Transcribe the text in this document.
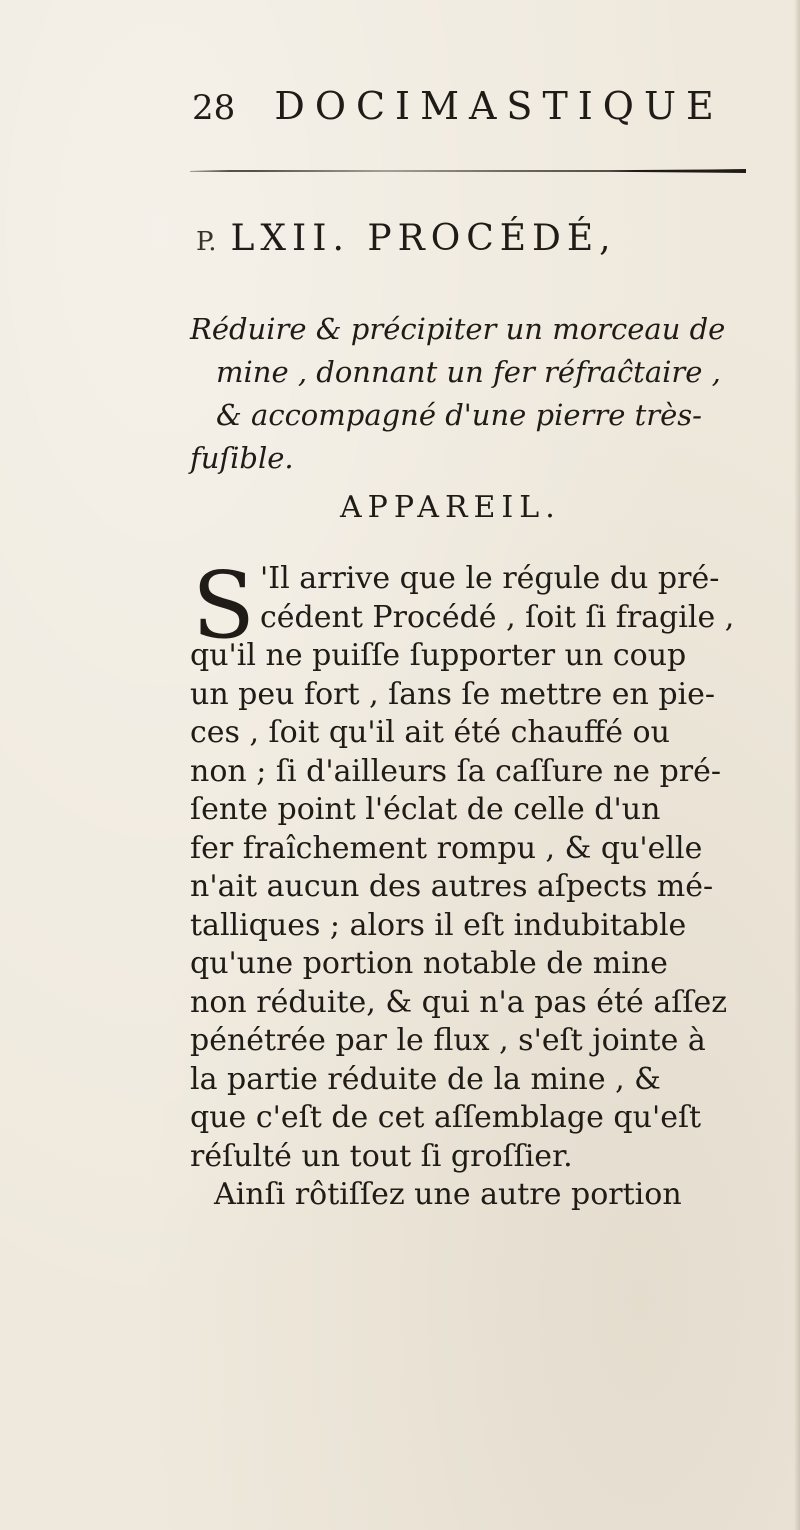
28 DOCIMASTIQUE
P. LXII. PROCÉDÉ,
Réduire & précipiter un morceau de
mine , donnant un fer réfraĉtaire ,
& accompagné d'une pierre très-
fuſible.
APPAREIL.
S 'Il arrive que le régule du pré-
cédent Procédé , ſoit ſi fragile ,
qu'il ne puiſſe ſupporter un coup
un peu fort , ſans ſe mettre en pie-
ces , ſoit qu'il ait été chauffé ou
non ; ſi d'ailleurs ſa caſſure ne pré-
ſente point l'éclat de celle d'un
fer fraîchement rompu , & qu'elle
n'ait aucun des autres aſpects mé-
talliques ; alors il eſt indubitable
qu'une portion notable de mine
non réduite, & qui n'a pas été aſſez
pénétrée par le flux , s'eſt jointe à
la partie réduite de la mine , &
que c'eſt de cet aſſemblage qu'eſt
réſulté un tout ſi groſſier.
Ainſi rôtiſſez une autre portion
